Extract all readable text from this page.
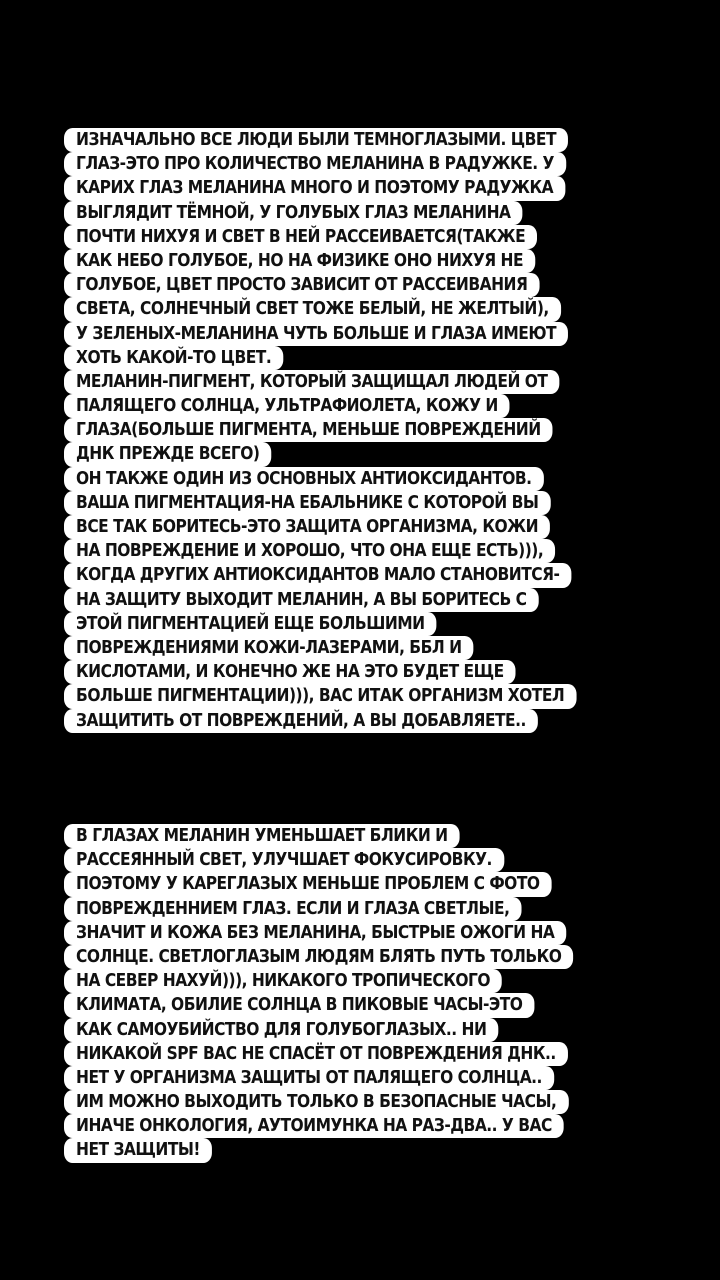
ИЗНАЧАЛЬНО ВСЕ ЛЮДИ БЫЛИ ТЕМНОГЛАЗЫМИ. ЦВЕТ
ГЛАЗ-ЭТО ПРО КОЛИЧЕСТВО МЕЛАНИНА В РАДУЖКЕ. У
КАРИХ ГЛАЗ МЕЛАНИНА МНОГО И ПОЭТОМУ РАДУЖКА
ВЫГЛЯДИТ ТЁМНОЙ, У ГОЛУБЫХ ГЛАЗ МЕЛАНИНА
ПОЧТИ НИХУЯ И СВЕТ В НЕЙ РАССЕИВАЕТСЯ(ТАКЖЕ
КАК НЕБО ГОЛУБОЕ, НО НА ФИЗИКЕ ОНО НИХУЯ НЕ
ГОЛУБОЕ, ЦВЕТ ПРОСТО ЗАВИСИТ ОТ РАССЕИВАНИЯ
СВЕТА, СОЛНЕЧНЫЙ СВЕТ ТОЖЕ БЕЛЫЙ, НЕ ЖЕЛТЫЙ),
У ЗЕЛЕНЫХ-МЕЛАНИНА ЧУТЬ БОЛЬШЕ И ГЛАЗА ИМЕЮТ
ХОТЬ КАКОЙ-ТО ЦВЕТ.
МЕЛАНИН-ПИГМЕНТ, КОТОРЫЙ ЗАЩИЩАЛ ЛЮДЕЙ ОТ
ПАЛЯЩЕГО СОЛНЦА, УЛЬТРАФИОЛЕТА, КОЖУ И
ГЛАЗА(БОЛЬШЕ ПИГМЕНТА, МЕНЬШЕ ПОВРЕЖДЕНИЙ
ДНК ПРЕЖДЕ ВСЕГО)
ОН ТАКЖЕ ОДИН ИЗ ОСНОВНЫХ АНТИОКСИДАНТОВ.
ВАША ПИГМЕНТАЦИЯ-НА ЕБАЛЬНИКЕ С КОТОРОЙ ВЫ
ВСЕ ТАК БОРИТЕСЬ-ЭТО ЗАЩИТА ОРГАНИЗМА, КОЖИ
НА ПОВРЕЖДЕНИЕ И ХОРОШО, ЧТО ОНА ЕЩЕ ЕСТЬ))),
КОГДА ДРУГИХ АНТИОКСИДАНТОВ МАЛО СТАНОВИТСЯ-
НА ЗАЩИТУ ВЫХОДИТ МЕЛАНИН, А ВЫ БОРИТЕСЬ С
ЭТОЙ ПИГМЕНТАЦИЕЙ ЕЩЕ БОЛЬШИМИ
ПОВРЕЖДЕНИЯМИ КОЖИ-ЛАЗЕРАМИ, ББЛ И
КИСЛОТАМИ, И КОНЕЧНО ЖЕ НА ЭТО БУДЕТ ЕЩЕ
БОЛЬШЕ ПИГМЕНТАЦИИ))), ВАС ИТАК ОРГАНИЗМ ХОТЕЛ
ЗАЩИТИТЬ ОТ ПОВРЕЖДЕНИЙ, А ВЫ ДОБАВЛЯЕТЕ..
В ГЛАЗАХ МЕЛАНИН УМЕНЬШАЕТ БЛИКИ И
РАССЕЯННЫЙ СВЕТ, УЛУЧШАЕТ ФОКУСИРОВКУ.
ПОЭТОМУ У КАРЕГЛАЗЫХ МЕНЬШЕ ПРОБЛЕМ С ФОТО
ПОВРЕЖДЕННИЕМ ГЛАЗ. ЕСЛИ И ГЛАЗА СВЕТЛЫЕ,
ЗНАЧИТ И КОЖА БЕЗ МЕЛАНИНА, БЫСТРЫЕ ОЖОГИ НА
СОЛНЦЕ. СВЕТЛОГЛАЗЫМ ЛЮДЯМ БЛЯТЬ ПУТЬ ТОЛЬКО
НА СЕВЕР НАХУЙ))), НИКАКОГО ТРОПИЧЕСКОГО
КЛИМАТА, ОБИЛИЕ СОЛНЦА В ПИКОВЫЕ ЧАСЫ-ЭТО
КАК САМОУБИЙСТВО ДЛЯ ГОЛУБОГЛАЗЫХ.. НИ
НИКАКОЙ SPF ВАС НЕ СПАСЁТ ОТ ПОВРЕЖДЕНИЯ ДНК..
НЕТ У ОРГАНИЗМА ЗАЩИТЫ ОТ ПАЛЯЩЕГО СОЛНЦА..
ИМ МОЖНО ВЫХОДИТЬ ТОЛЬКО В БЕЗОПАСНЫЕ ЧАСЫ,
ИНАЧЕ ОНКОЛОГИЯ, АУТОИМУНКА НА РАЗ-ДВА.. У ВАС
НЕТ ЗАЩИТЫ!
